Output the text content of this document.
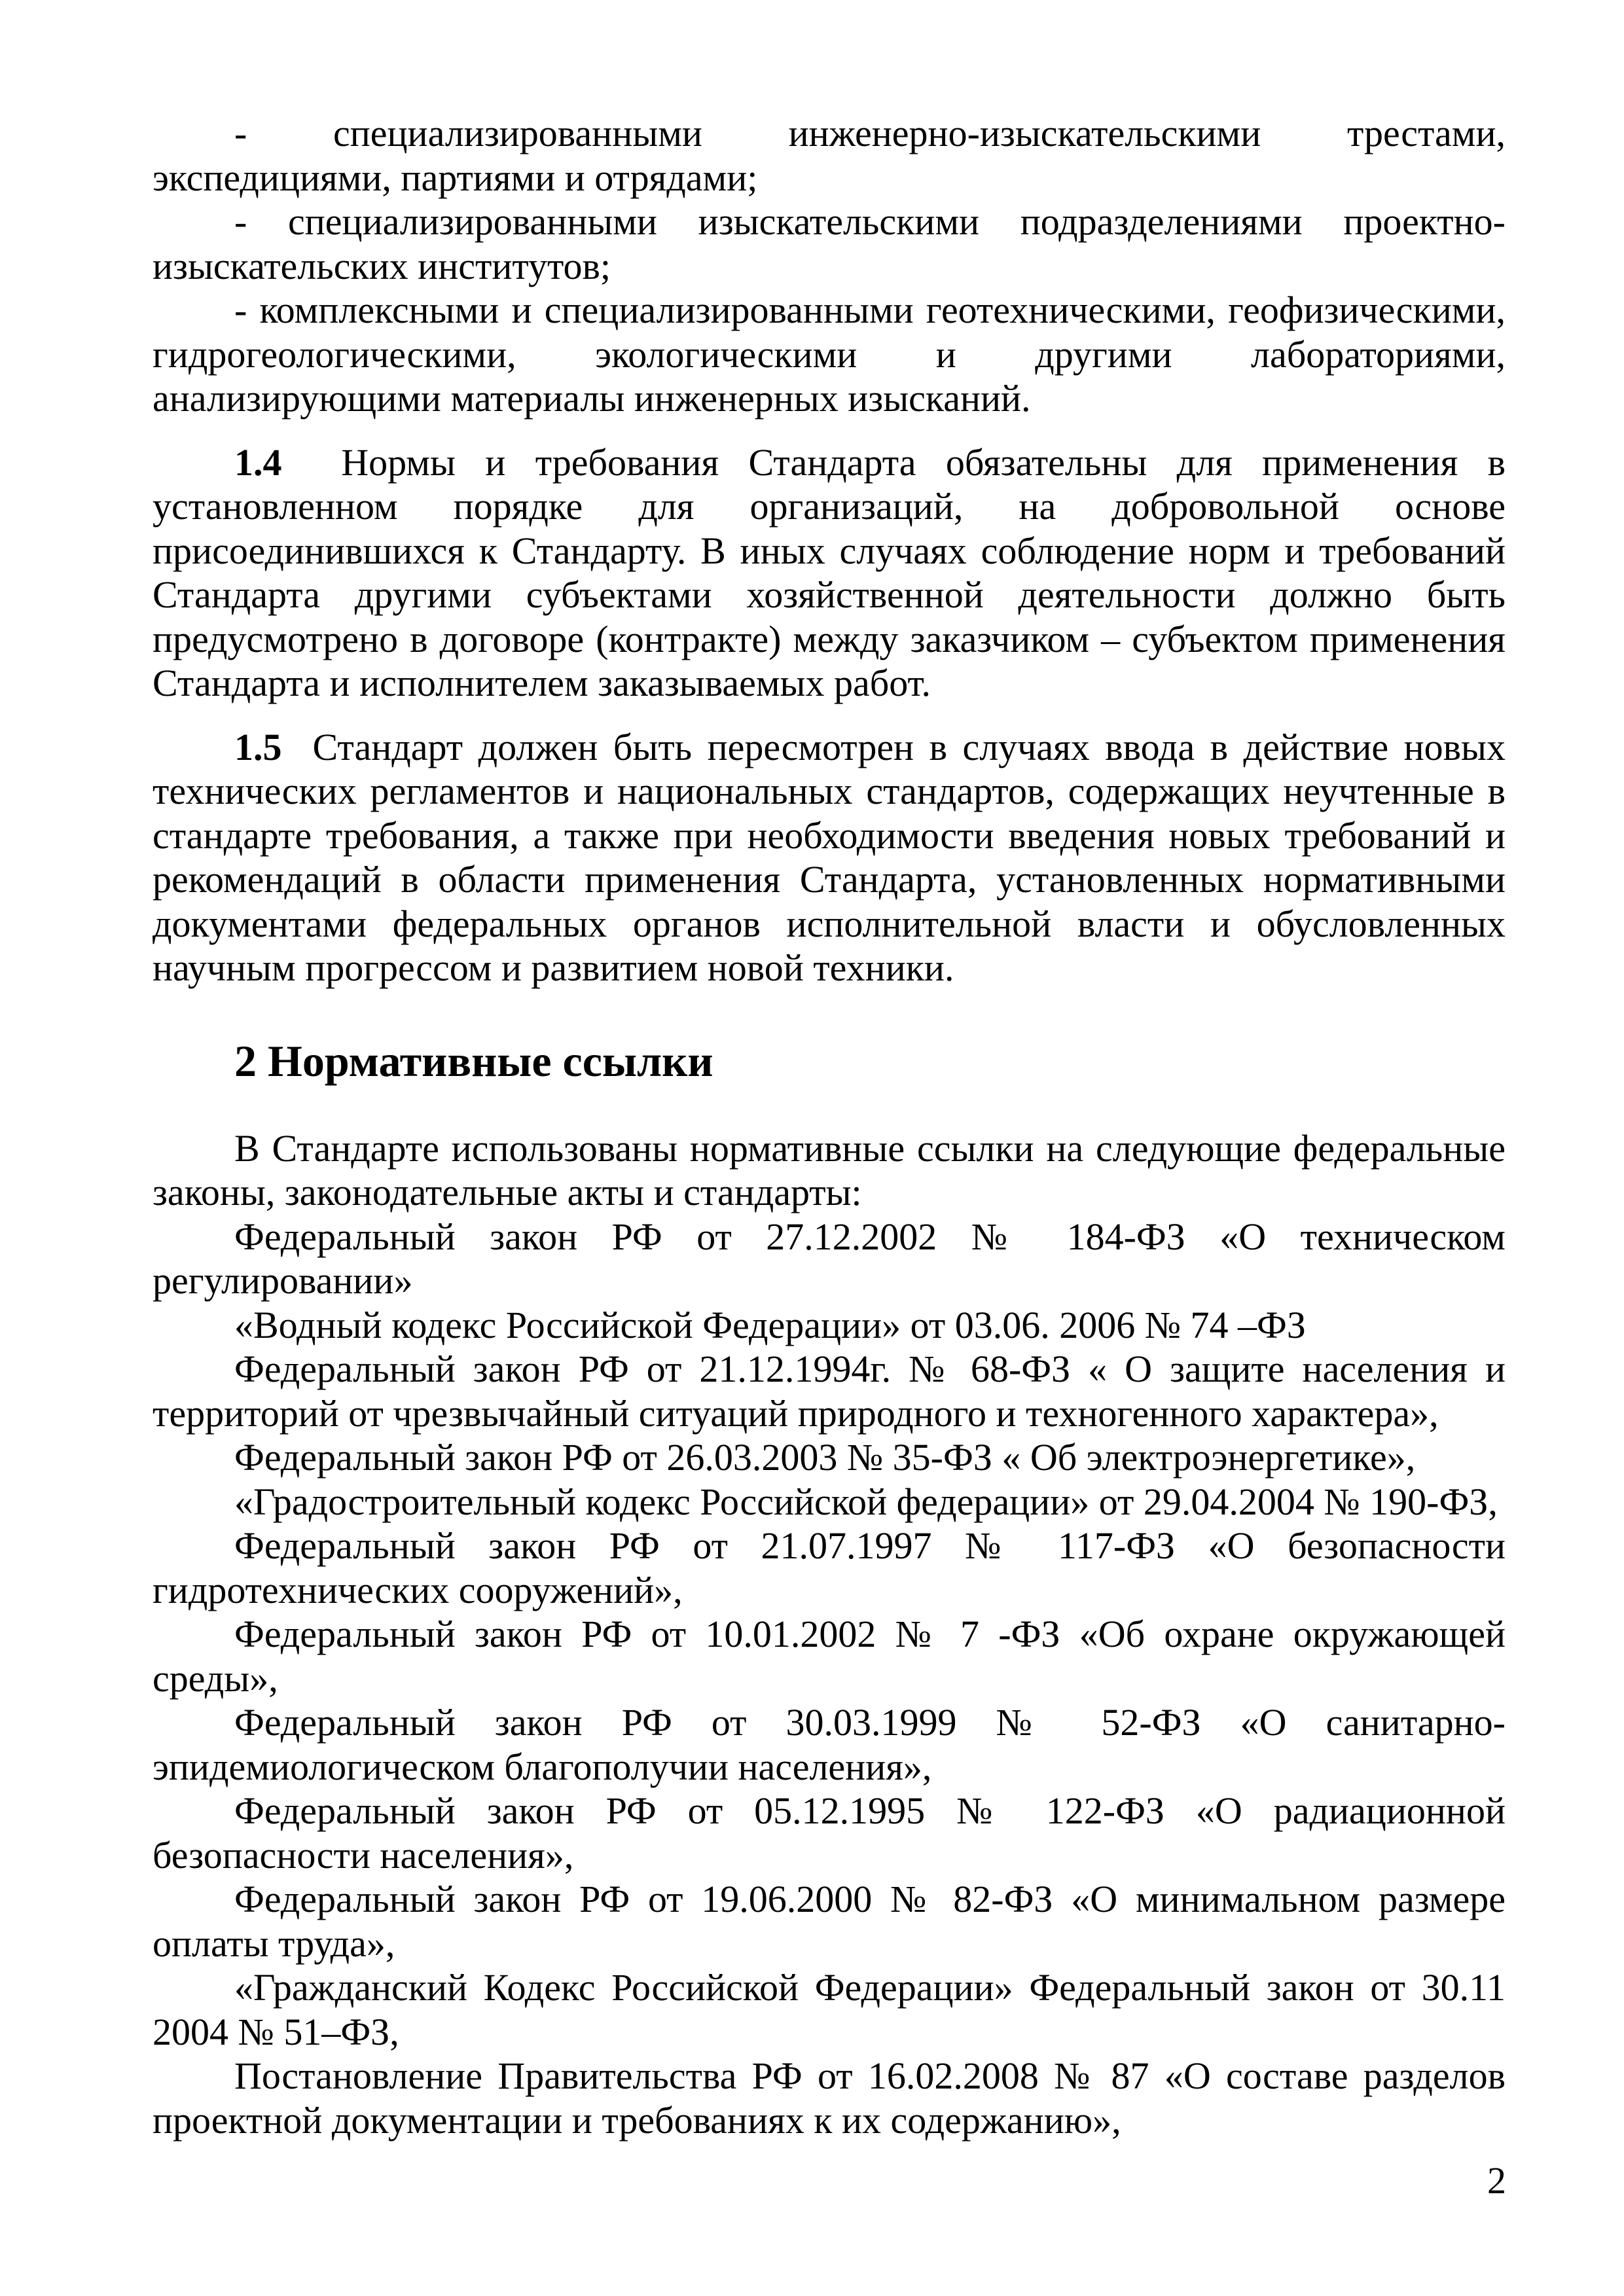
- специализированными инженерно-изыскательскими трестами, экспедициями, партиями и отрядами;

- специализированными изыскательскими подразделениями проектно-изыскательских институтов;

- комплексными и специализированными геотехническими, геофизическими, гидрогеологическими, экологическими и другими лабораториями, анализирующими материалы инженерных изысканий.

1.4 Нормы и требования Стандарта обязательны для применения в установленном порядке для организаций, на добровольной основе присоединившихся к Стандарту. В иных случаях соблюдение норм и требований Стандарта другими субъектами хозяйственной деятельности должно быть предусмотрено в договоре (контракте) между заказчиком – субъектом применения Стандарта и исполнителем заказываемых работ.

1.5 Стандарт должен быть пересмотрен в случаях ввода в действие новых технических регламентов и национальных стандартов, содержащих неучтенные в стандарте требования, а также при необходимости введения новых требований и рекомендаций в области применения Стандарта, установленных нормативными документами федеральных органов исполнительной власти и обусловленных научным прогрессом и развитием новой техники.

2 Нормативные ссылки

В Стандарте использованы нормативные ссылки на следующие федеральные законы, законодательные акты и стандарты:

Федеральный закон РФ от 27.12.2002 № 184-ФЗ «О техническом регулировании»

«Водный кодекс Российской Федерации» от 03.06. 2006 № 74 –ФЗ

Федеральный закон РФ от 21.12.1994г. № 68-ФЗ « О защите населения и территорий от чрезвычайный ситуаций природного и техногенного характера»,

Федеральный закон РФ от 26.03.2003 № 35-ФЗ « Об электроэнергетике»,

«Градостроительный кодекс Российской федерации» от 29.04.2004 № 190-ФЗ,

Федеральный закон РФ от 21.07.1997 № 117-ФЗ «О безопасности гидротехнических сооружений»,

Федеральный закон РФ от 10.01.2002 № 7 -ФЗ «Об охране окружающей среды»,

Федеральный закон РФ от 30.03.1999 № 52-ФЗ «О санитарно-эпидемиологическом благополучии населения»,

Федеральный закон РФ от 05.12.1995 № 122-ФЗ «О радиационной безопасности населения»,

Федеральный закон РФ от 19.06.2000 № 82-ФЗ «О минимальном размере оплаты труда»,

«Гражданский Кодекс Российской Федерации» Федеральный закон от 30.11 2004 № 51–ФЗ,

Постановление Правительства РФ от 16.02.2008 № 87 «О составе разделов проектной документации и требованиях к их содержанию»,

2
